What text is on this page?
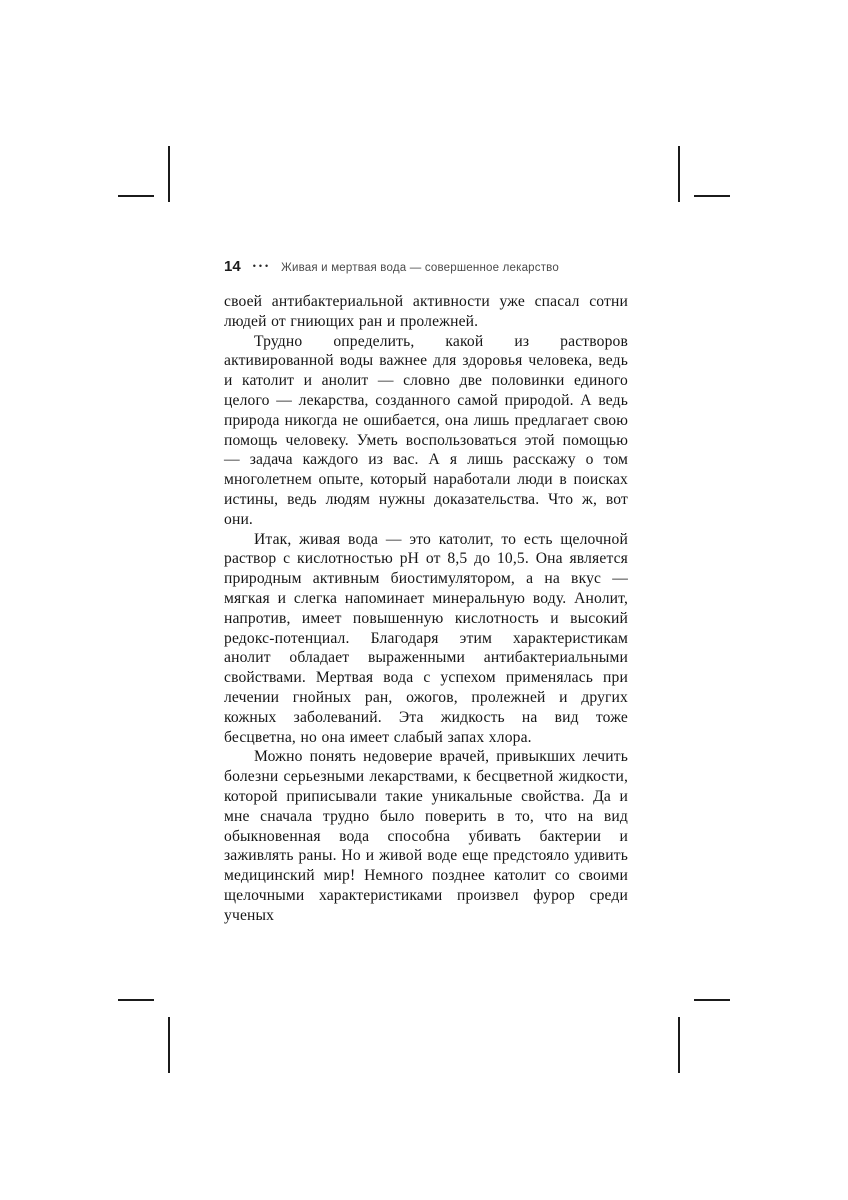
14 ••• Живая и мертвая вода — совершенное лекарство

своей антибактериальной активности уже спасал сотни людей от гниющих ран и пролежней.

Трудно определить, какой из растворов активированной воды важнее для здоровья человека, ведь и католит и анолит — словно две половинки единого целого — лекарства, созданного самой природой. А ведь природа никогда не ошибается, она лишь предлагает свою помощь человеку. Уметь воспользоваться этой помощью — задача каждого из вас. А я лишь расскажу о том многолетнем опыте, который наработали люди в поисках истины, ведь людям нужны доказательства. Что ж, вот они.

Итак, живая вода — это католит, то есть щелочной раствор с кислотностью pH от 8,5 до 10,5. Она является природным активным биостимулятором, а на вкус — мягкая и слегка напоминает минеральную воду. Анолит, напротив, имеет повышенную кислотность и высокий редокс-потенциал. Благодаря этим характеристикам анолит обладает выраженными антибактериальными свойствами. Мертвая вода с успехом применялась при лечении гнойных ран, ожогов, пролежней и других кожных заболеваний. Эта жидкость на вид тоже бесцветна, но она имеет слабый запах хлора.

Можно понять недоверие врачей, привыкших лечить болезни серьезными лекарствами, к бесцветной жидкости, которой приписывали такие уникальные свойства. Да и мне сначала трудно было поверить в то, что на вид обыкновенная вода способна убивать бактерии и заживлять раны. Но и живой воде еще предстояло удивить медицинский мир! Немного позднее католит со своими щелочными характеристиками произвел фурор среди ученых
